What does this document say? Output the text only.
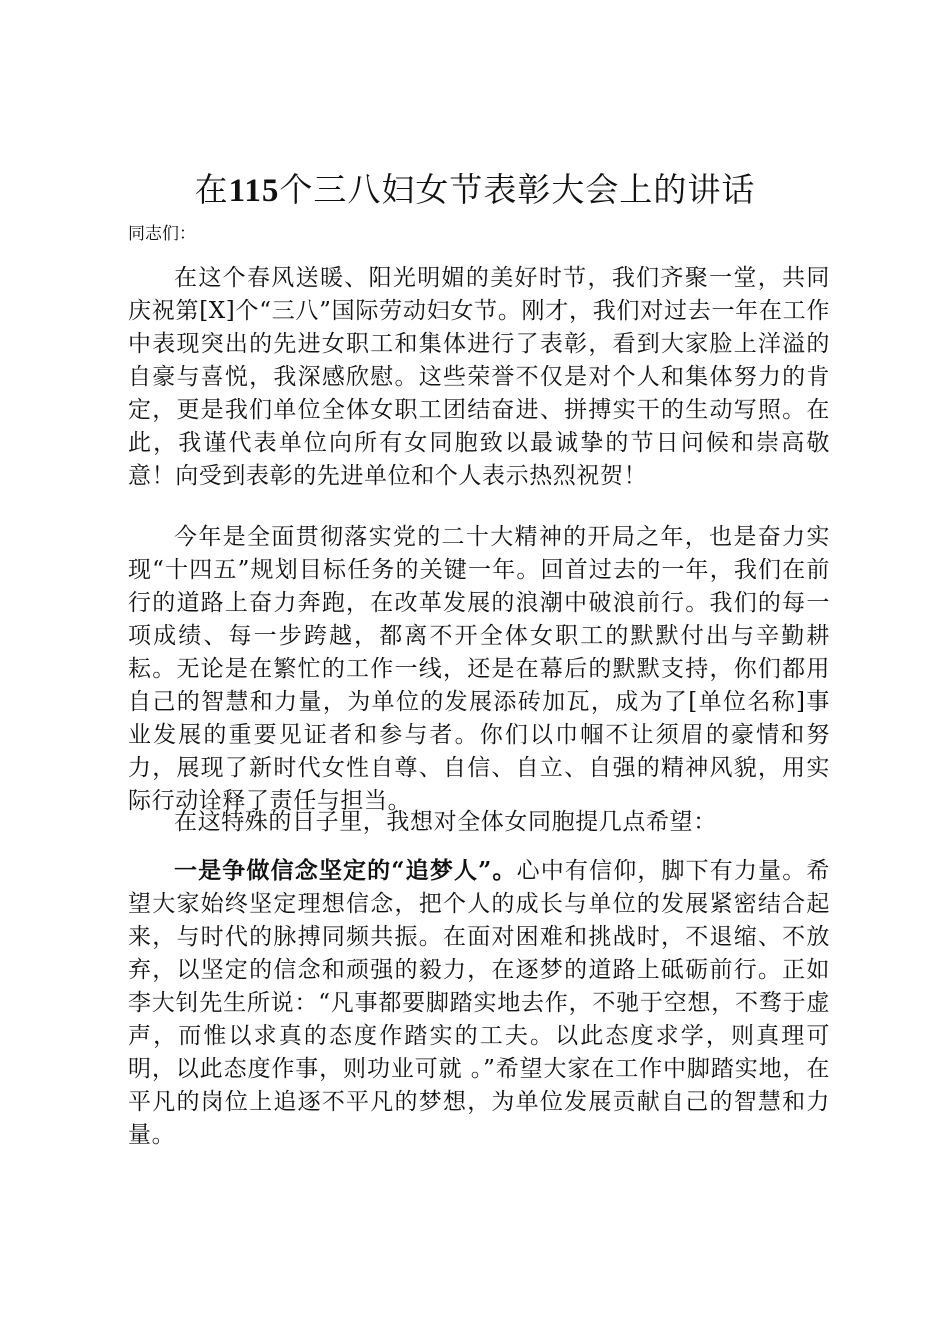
在115个三八妇女节表彰大会上的讲话
同志们：

在这个春风送暖、阳光明媚的美好时节，我们齐聚一堂，共同庆祝第[X]个“三八”国际劳动妇女节。刚才，我们对过去一年在工作中表现突出的先进女职工和集体进行了表彰，看到大家脸上洋溢的自豪与喜悦，我深感欣慰。这些荣誉不仅是对个人和集体努力的肯定，更是我们单位全体女职工团结奋进、拼搏实干的生动写照。在此，我谨代表单位向所有女同胞致以最诚挚的节日问候和崇高敬意！向受到表彰的先进单位和个人表示热烈祝贺！

今年是全面贯彻落实党的二十大精神的开局之年，也是奋力实现“十四五”规划目标任务的关键一年。回首过去的一年，我们在前行的道路上奋力奔跑，在改革发展的浪潮中破浪前行。我们的每一项成绩、每一步跨越，都离不开全体女职工的默默付出与辛勤耕耘。无论是在繁忙的工作一线，还是在幕后的默默支持，你们都用自己的智慧和力量，为单位的发展添砖加瓦，成为了[单位名称]事业发展的重要见证者和参与者。你们以巾帼不让须眉的豪情和努力，展现了新时代女性自尊、自信、自立、自强的精神风貌，用实际行动诠释了责任与担当。

在这特殊的日子里，我想对全体女同胞提几点希望：

一是争做信念坚定的“追梦人”。心中有信仰，脚下有力量。希望大家始终坚定理想信念，把个人的成长与单位的发展紧密结合起来，与时代的脉搏同频共振。在面对困难和挑战时，不退缩、不放弃，以坚定的信念和顽强的毅力，在逐梦的道路上砥砺前行。正如李大钊先生所说：“凡事都要脚踏实地去作，不驰于空想，不骛于虚声，而惟以求真的态度作踏实的工夫。以此态度求学，则真理可明，以此态度作事，则功业可就 。”希望大家在工作中脚踏实地，在平凡的岗位上追逐不平凡的梦想，为单位发展贡献自己的智慧和力量。
